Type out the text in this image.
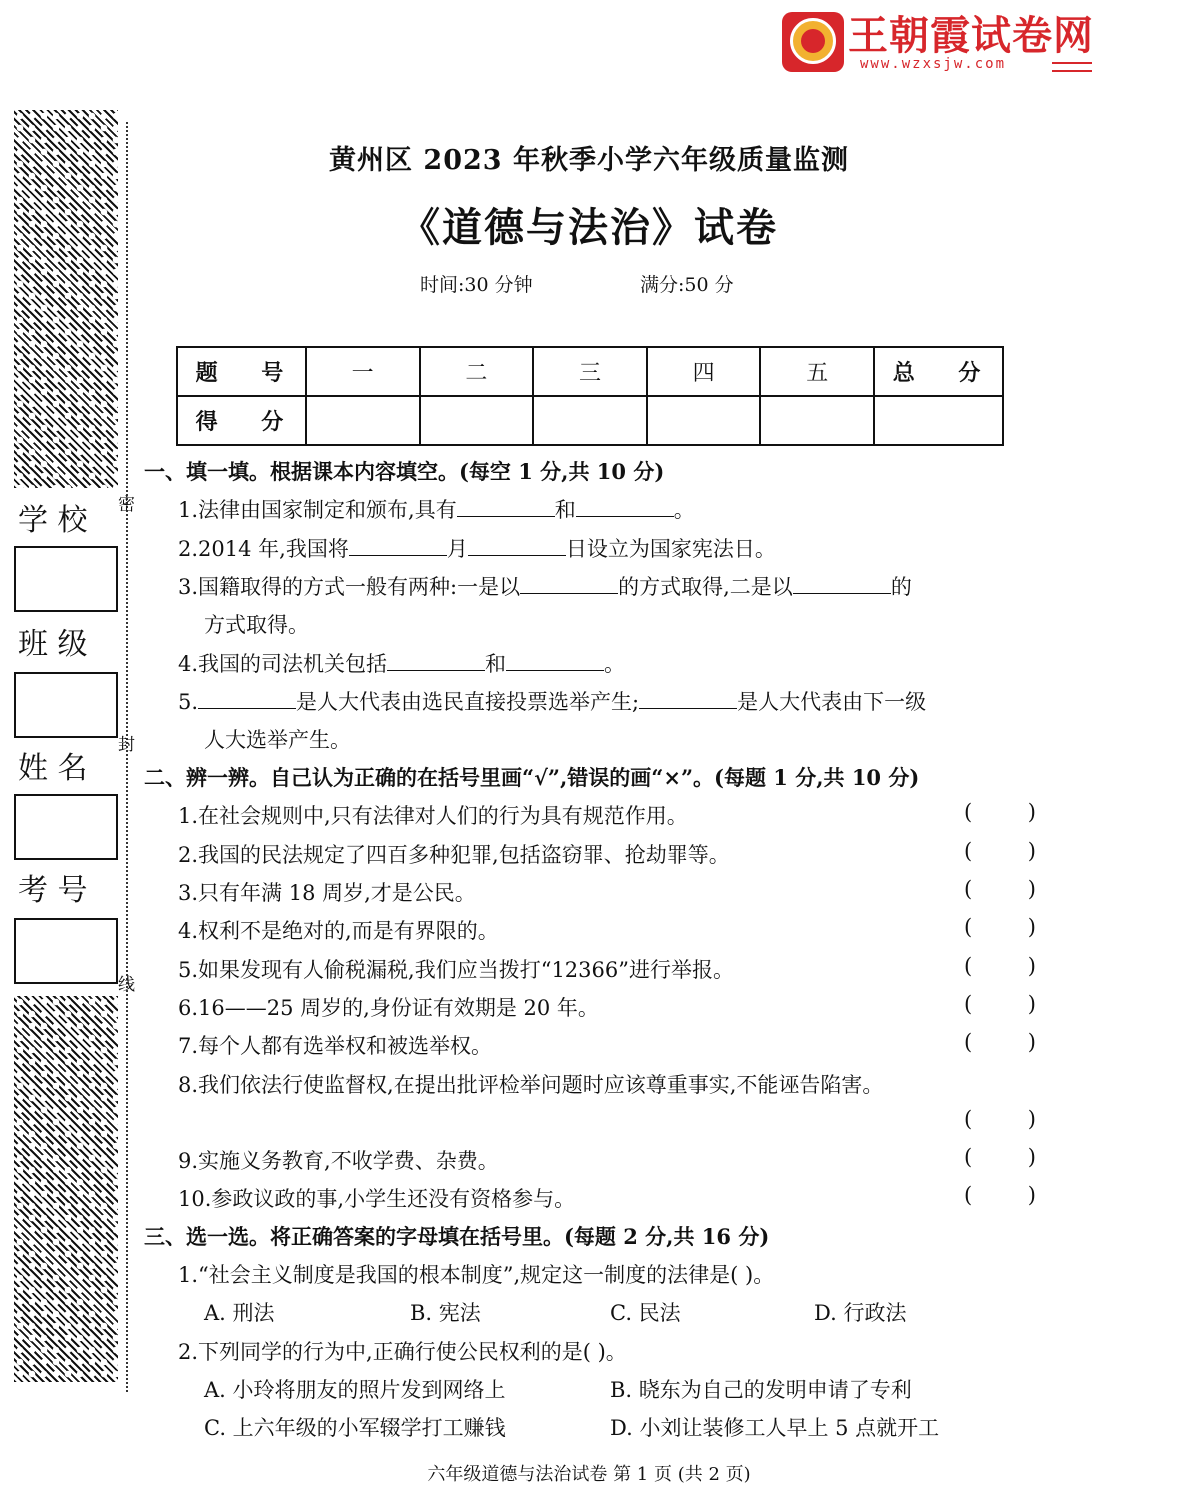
王朝霞试卷网
www.wzxsjw.com
学 校
班 级
姓 名
考 号
密
封
线
黄州区 2023 年秋季小学六年级质量监测
《道德与法治》试卷
时间:30 分钟	满分:50 分
题 号	一	二	三	四	五	总 分
得 分						
一、填一填。根据课本内容填空。(每空 1 分,共 10 分)
1.法律由国家制定和颁布,具有	和	。
2.2014 年,我国将	月	日设立为国家宪法日。
3.国籍取得的方式一般有两种:一是以	的方式取得,二是以	的
方式取得。
4.我国的司法机关包括	和	。
5.	是人大代表由选民直接投票选举产生;	是人大代表由下一级
人大选举产生。
二、辨一辨。自己认为正确的在括号里画“√”,错误的画“×”。(每题 1 分,共 10 分)
1.在社会规则中,只有法律对人们的行为具有规范作用。	(	)
2.我国的民法规定了四百多种犯罪,包括盗窃罪、抢劫罪等。	(	)
3.只有年满 18 周岁,才是公民。	(	)
4.权利不是绝对的,而是有界限的。	(	)
5.如果发现有人偷税漏税,我们应当拨打“12366”进行举报。	(	)
6.16——25 周岁的,身份证有效期是 20 年。	(	)
7.每个人都有选举权和被选举权。	(	)
8.我们依法行使监督权,在提出批评检举问题时应该尊重事实,不能诬告陷害。
(	)
9.实施义务教育,不收学费、杂费。	(	)
10.参政议政的事,小学生还没有资格参与。	(	)
三、选一选。将正确答案的字母填在括号里。(每题 2 分,共 16 分)
1.“社会主义制度是我国的根本制度”,规定这一制度的法律是( )。
A. 刑法	B. 宪法	C. 民法	D. 行政法
2.下列同学的行为中,正确行使公民权利的是( )。
A. 小玲将朋友的照片发到网络上	B. 晓东为自己的发明申请了专利
C. 上六年级的小军辍学打工赚钱	D. 小刘让装修工人早上 5 点就开工
六年级道德与法治试卷 第 1 页 (共 2 页)
